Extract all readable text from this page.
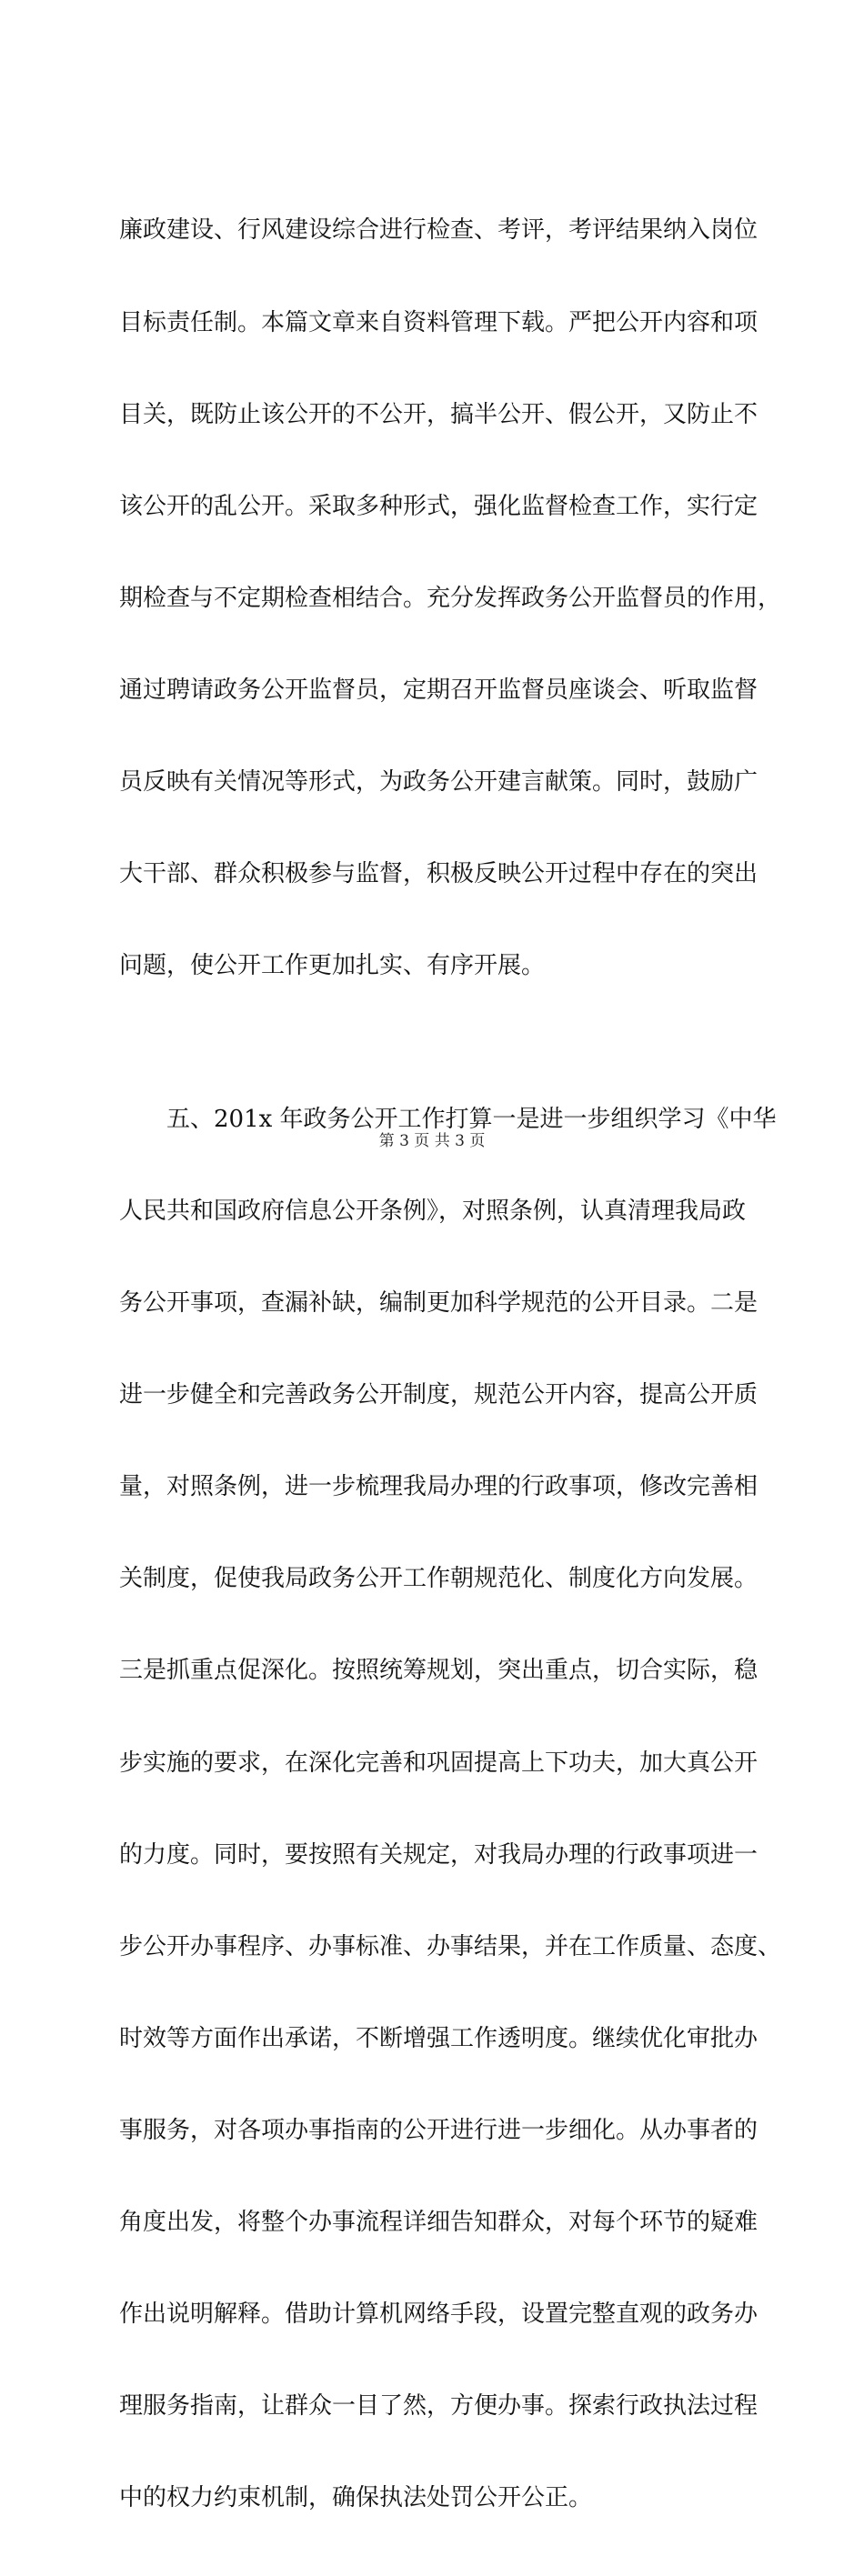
廉政建设、行风建设综合进行检查、考评，考评结果纳入岗位

目标责任制。本篇文章来自资料管理下载。严把公开内容和项

目关，既防止该公开的不公开，搞半公开、假公开，又防止不

该公开的乱公开。采取多种形式，强化监督检查工作，实行定

期检查与不定期检查相结合。充分发挥政务公开监督员的作用，

通过聘请政务公开监督员，定期召开监督员座谈会、听取监督

员反映有关情况等形式，为政务公开建言献策。同时，鼓励广

大干部、群众积极参与监督，积极反映公开过程中存在的突出

问题，使公开工作更加扎实、有序开展。

　　五、201x 年政务公开工作打算一是进一步组织学习《中华

人民共和国政府信息公开条例》，对照条例，认真清理我局政

务公开事项，查漏补缺，编制更加科学规范的公开目录。二是

进一步健全和完善政务公开制度，规范公开内容，提高公开质

量，对照条例，进一步梳理我局办理的行政事项，修改完善相

关制度，促使我局政务公开工作朝规范化、制度化方向发展。

三是抓重点促深化。按照统筹规划，突出重点，切合实际，稳

步实施的要求，在深化完善和巩固提高上下功夫，加大真公开

的力度。同时，要按照有关规定，对我局办理的行政事项进一

步公开办事程序、办事标准、办事结果，并在工作质量、态度、

时效等方面作出承诺，不断增强工作透明度。继续优化审批办

事服务，对各项办事指南的公开进行进一步细化。从办事者的

角度出发，将整个办事流程详细告知群众，对每个环节的疑难

作出说明解释。借助计算机网络手段，设置完整直观的政务办

理服务指南，让群众一目了然，方便办事。探索行政执法过程

中的权力约束机制，确保执法处罚公开公正。

第 3 页 共 3 页
